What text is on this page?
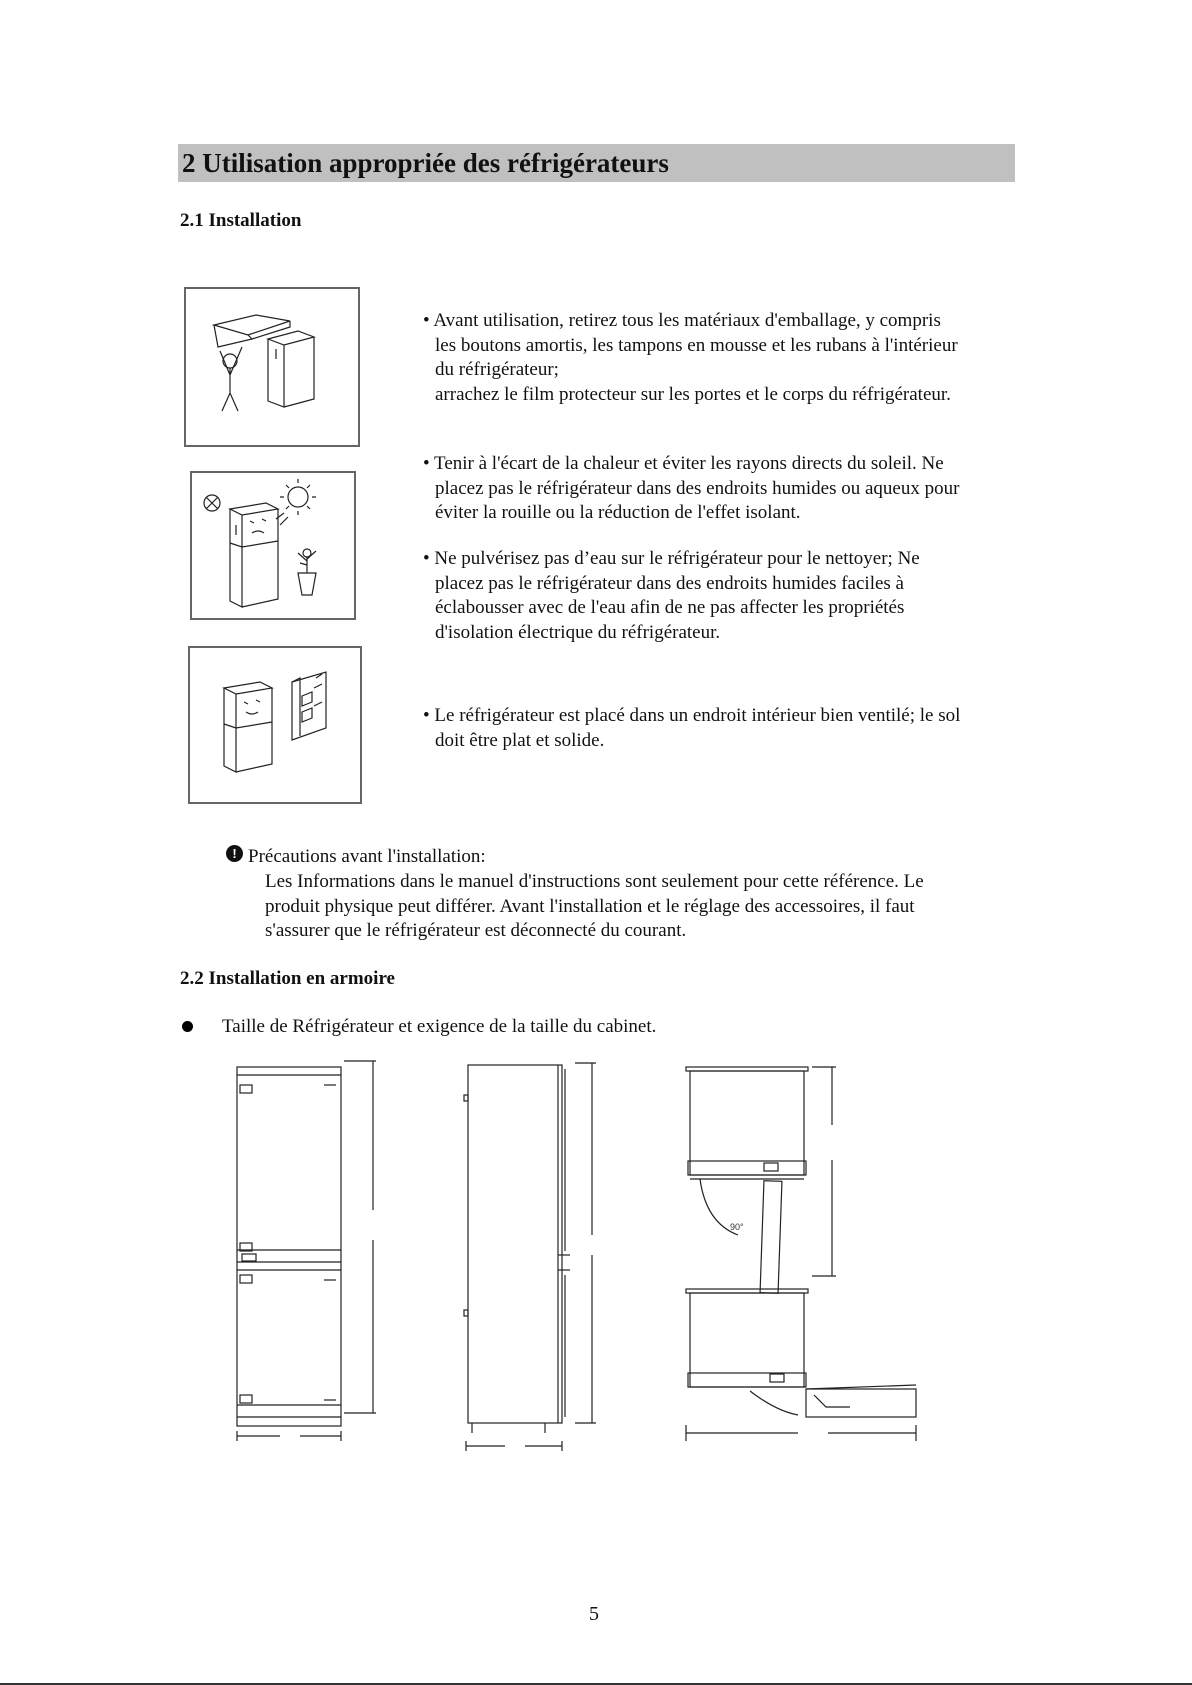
2 Utilisation appropriée des réfrigérateurs
2.1 Installation
• Avant utilisation, retirez tous les matériaux d'emballage, y compris
les boutons amortis, les tampons en mousse et les rubans à l'intérieur
du réfrigérateur;
arrachez le film protecteur sur les portes et le corps du réfrigérateur.
• Tenir à l'écart de la chaleur et éviter les rayons directs du soleil. Ne
placez pas le réfrigérateur dans des endroits humides ou aqueux pour
éviter la rouille ou la réduction de l'effet isolant.
• Ne pulvérisez pas d’eau sur le réfrigérateur pour le nettoyer; Ne
placez pas le réfrigérateur dans des endroits humides faciles à
éclabousser avec de l'eau afin de ne pas affecter les propriétés
d'isolation électrique du réfrigérateur.
• Le réfrigérateur est placé dans un endroit intérieur bien ventilé; le sol
doit être plat et solide.
! Précautions avant l'installation:
Les Informations dans le manuel d'instructions sont seulement pour cette référence. Le
produit physique peut différer. Avant l'installation et le réglage des accessoires, il faut
s'assurer que le réfrigérateur est déconnecté du courant.
2.2 Installation en armoire
Taille de Réfrigérateur et exigence de la taille du cabinet.
90°
5
